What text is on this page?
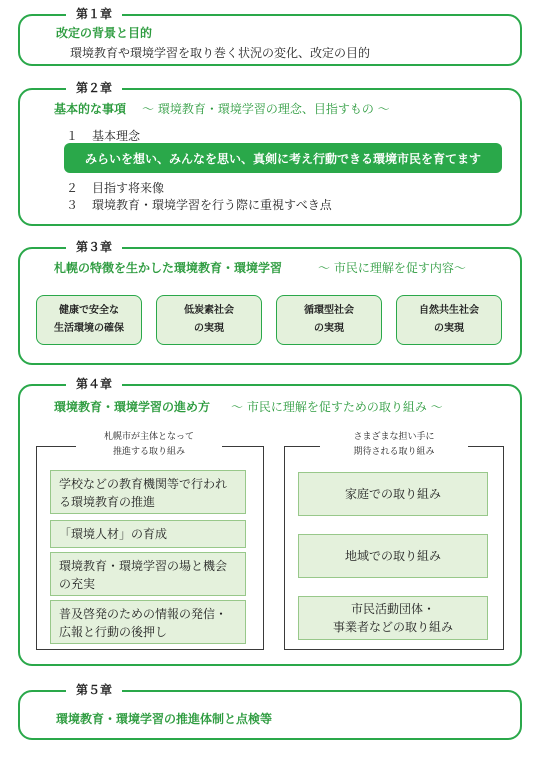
第１章
改定の背景と目的
環境教育や環境学習を取り巻く状況の変化、改定の目的
第２章
基本的な事項 ～ 環境教育・環境学習の理念、目指すもの ～
１ 基本理念
みらいを想い、みんなを思い、真剣に考え行動できる環境市民を育てます
２ 目指す将来像
３ 環境教育・環境学習を行う際に重視すべき点
第３章
札幌の特徴を生かした環境教育・環境学習	～ 市民に理解を促す内容～
健康で安全な
生活環境の確保
低炭素社会
の実現
循環型社会
の実現
自然共生社会
の実現
第４章
環境教育・環境学習の進め方 ～ 市民に理解を促すための取り組み ～
札幌市が主体となって
推進する取り組み
学校などの教育機関等で行われ
る環境教育の推進
「環境人材」の育成
環境教育・環境学習の場と機会
の充実
普及啓発のための情報の発信・
広報と行動の後押し
さまざまな担い手に
期待される取り組み
家庭での取り組み
地域での取り組み
市民活動団体・
事業者などの取り組み
第５章
環境教育・環境学習の推進体制と点検等
